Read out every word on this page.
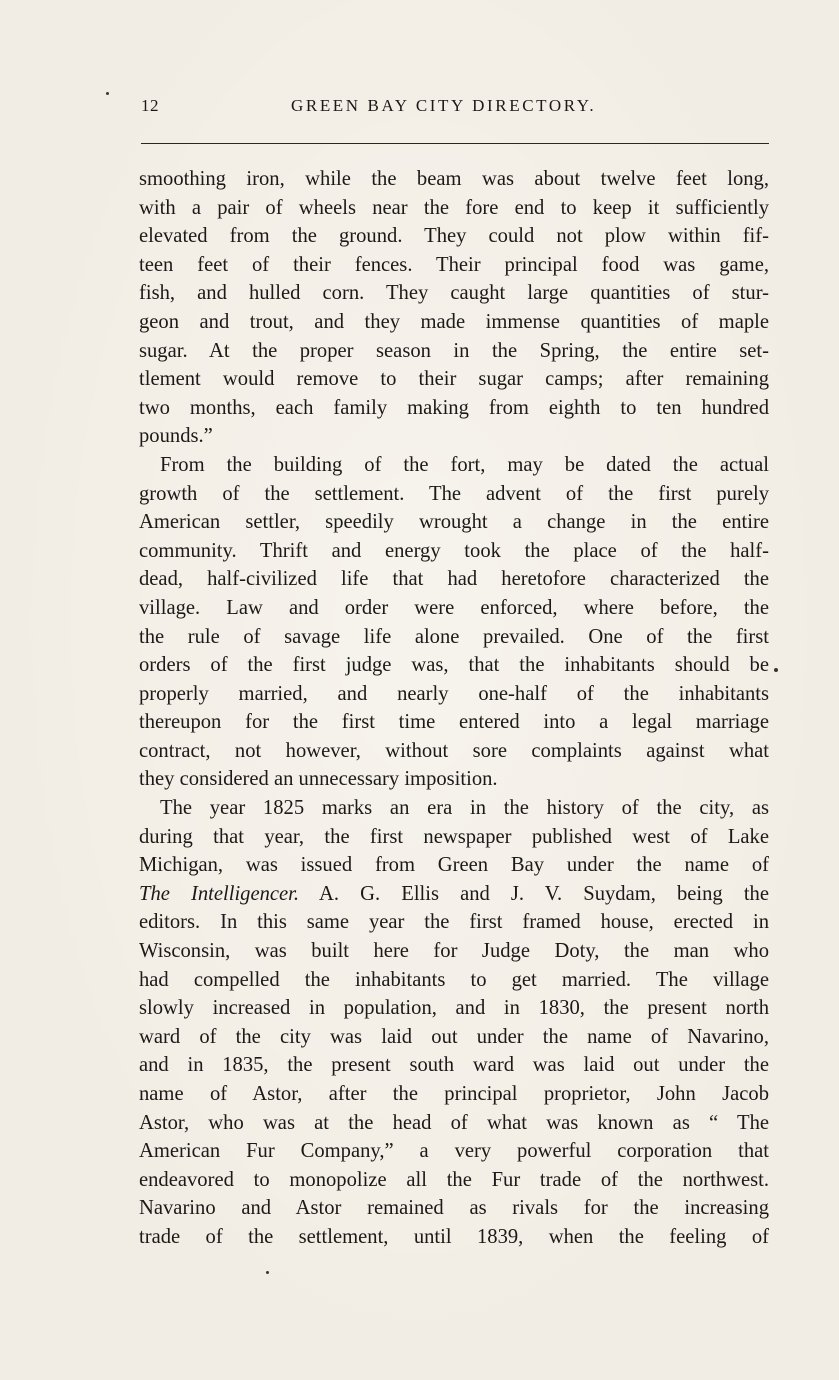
12	GREEN BAY CITY DIRECTORY.
smoothing iron, while the beam was about twelve feet long,
with a pair of wheels near the fore end to keep it sufficiently
elevated from the ground. They could not plow within fif-
teen feet of their fences. Their principal food was game,
fish, and hulled corn. They caught large quantities of stur-
geon and trout, and they made immense quantities of maple
sugar. At the proper season in the Spring, the entire set-
tlement would remove to their sugar camps; after remaining
two months, each family making from eighth to ten hundred
pounds.”
From the building of the fort, may be dated the actual
growth of the settlement. The advent of the first purely
American settler, speedily wrought a change in the entire
community. Thrift and energy took the place of the half-
dead, half-civilized life that had heretofore characterized the
village. Law and order were enforced, where before, the
the rule of savage life alone prevailed. One of the first
orders of the first judge was, that the inhabitants should be
properly married, and nearly one-half of the inhabitants
thereupon for the first time entered into a legal marriage
contract, not however, without sore complaints against what
they considered an unnecessary imposition.
The year 1825 marks an era in the history of the city, as
during that year, the first newspaper published west of Lake
Michigan, was issued from Green Bay under the name of
The Intelligencer. A. G. Ellis and J. V. Suydam, being the
editors. In this same year the first framed house, erected in
Wisconsin, was built here for Judge Doty, the man who
had compelled the inhabitants to get married. The village
slowly increased in population, and in 1830, the present north
ward of the city was laid out under the name of Navarino,
and in 1835, the present south ward was laid out under the
name of Astor, after the principal proprietor, John Jacob
Astor, who was at the head of what was known as “ The
American Fur Company,” a very powerful corporation that
endeavored to monopolize all the Fur trade of the northwest.
Navarino and Astor remained as rivals for the increasing
trade of the settlement, until 1839, when the feeling of
